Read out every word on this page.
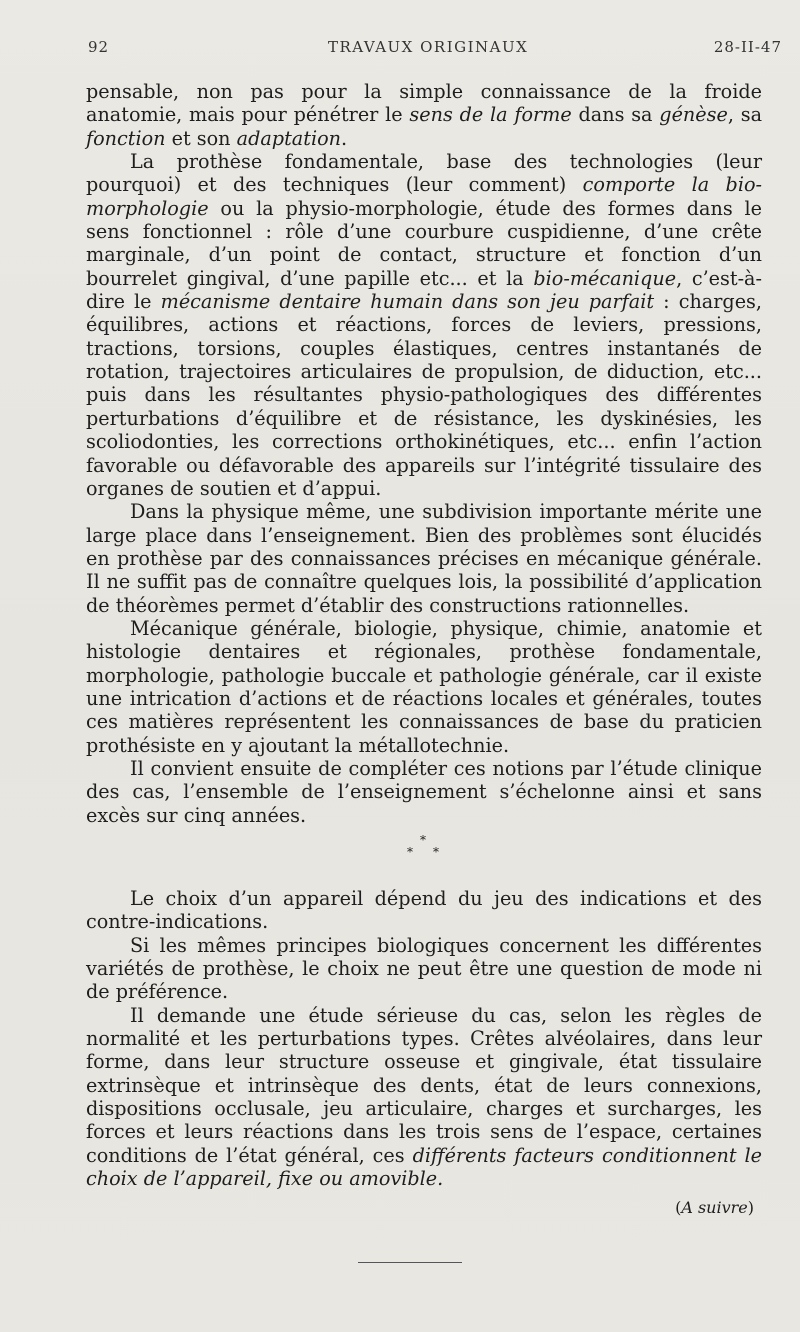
92	TRAVAUX ORIGINAUX	28-II-47

pensable, non pas pour la simple connaissance de la froide anatomie, mais pour pénétrer le sens de la forme dans sa génèse, sa fonction et son adaptation.

La prothèse fondamentale, base des technologies (leur pourquoi) et des techniques (leur comment) comporte la bio-morphologie ou la physio-morphologie, étude des formes dans le sens fonctionnel : rôle d’une courbure cuspidienne, d’une crête marginale, d’un point de contact, structure et fonction d’un bourrelet gingival, d’une papille etc... et la bio-mécanique, c’est-à-dire le mécanisme dentaire humain dans son jeu parfait : charges, équilibres, actions et réactions, forces de leviers, pressions, tractions, torsions, couples élastiques, centres instantanés de rotation, trajectoires articulaires de propulsion, de diduction, etc... puis dans les résultantes physio-pathologiques des différentes perturbations d’équilibre et de résistance, les dyskinésies, les scoliodonties, les corrections orthokinétiques, etc... enfin l’action favorable ou défavorable des appareils sur l’intégrité tissulaire des organes de soutien et d’appui.

Dans la physique même, une subdivision importante mérite une large place dans l’enseignement. Bien des problèmes sont élucidés en prothèse par des connaissances précises en mécanique générale. Il ne suffit pas de connaître quelques lois, la possibilité d’application de théorèmes permet d’établir des constructions rationnelles.

Mécanique générale, biologie, physique, chimie, anatomie et histologie dentaires et régionales, prothèse fondamentale, morphologie, pathologie buccale et pathologie générale, car il existe une intrication d’actions et de réactions locales et générales, toutes ces matières représentent les connaissances de base du praticien prothésiste en y ajoutant la métallotechnie.

Il convient ensuite de compléter ces notions par l’étude clinique des cas, l’ensemble de l’enseignement s’échelonne ainsi et sans excès sur cinq années.

*
* *

Le choix d’un appareil dépend du jeu des indications et des contre-indications.

Si les mêmes principes biologiques concernent les différentes variétés de prothèse, le choix ne peut être une question de mode ni de préférence.

Il demande une étude sérieuse du cas, selon les règles de normalité et les perturbations types. Crêtes alvéolaires, dans leur forme, dans leur structure osseuse et gingivale, état tissulaire extrinsèque et intrinsèque des dents, état de leurs connexions, dispositions occlusale, jeu articulaire, charges et surcharges, les forces et leurs réactions dans les trois sens de l’espace, certaines conditions de l’état général, ces différents facteurs conditionnent le choix de l’appareil, fixe ou amovible.

(A suivre)
